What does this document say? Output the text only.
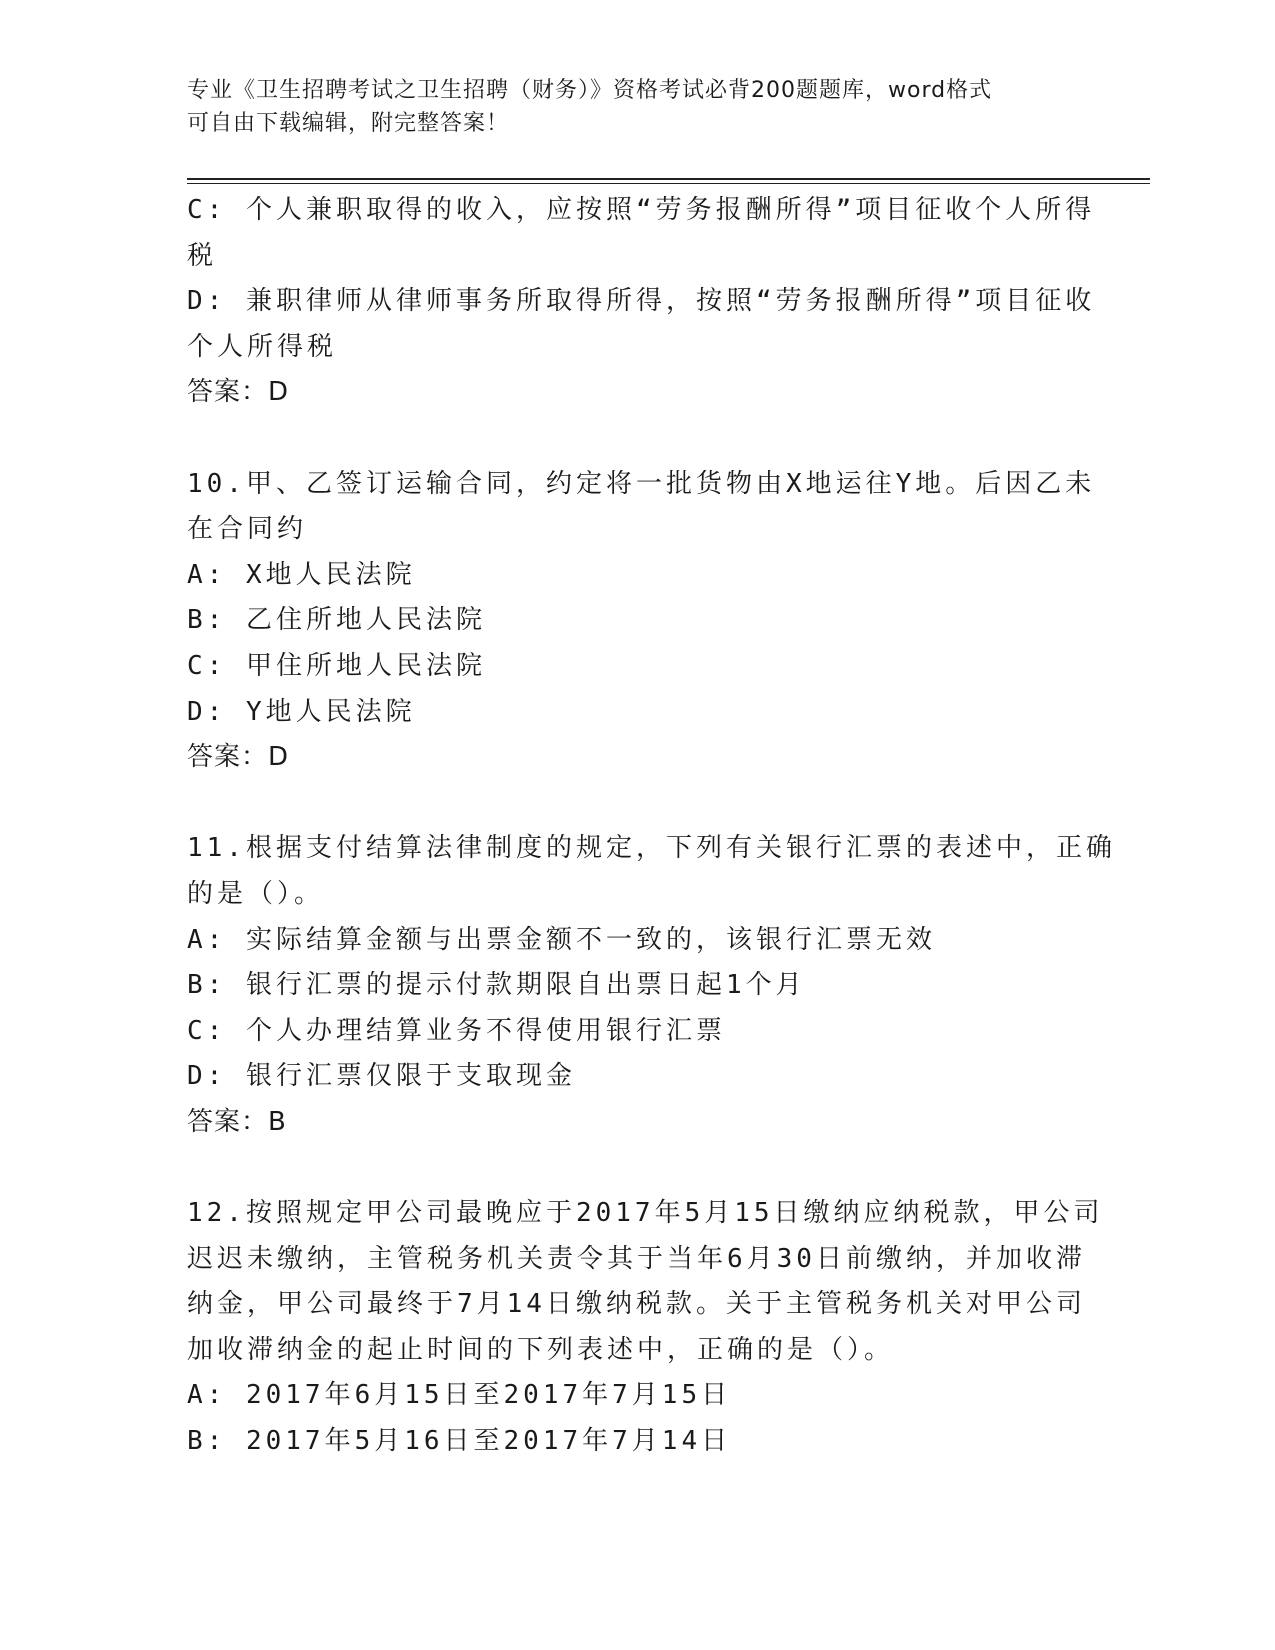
专业《卫生招聘考试之卫生招聘（财务）》资格考试必背200题题库，word格式
可自由下载编辑，附完整答案！
C: 个人兼职取得的收入，应按照“劳务报酬所得”项目征收个人所得
税
D: 兼职律师从律师事务所取得所得，按照“劳务报酬所得”项目征收
个人所得税
答案：D
10.甲、乙签订运输合同，约定将一批货物由X地运往Y地。后因乙未
在合同约
A: X地人民法院
B: 乙住所地人民法院
C: 甲住所地人民法院
D: Y地人民法院
答案：D
11.根据支付结算法律制度的规定，下列有关银行汇票的表述中，正确
的是（）。
A: 实际结算金额与出票金额不一致的，该银行汇票无效
B: 银行汇票的提示付款期限自出票日起1个月
C: 个人办理结算业务不得使用银行汇票
D: 银行汇票仅限于支取现金
答案：B
12.按照规定甲公司最晚应于2017年5月15日缴纳应纳税款，甲公司
迟迟未缴纳，主管税务机关责令其于当年6月30日前缴纳，并加收滞
纳金，甲公司最终于7月14日缴纳税款。关于主管税务机关对甲公司
加收滞纳金的起止时间的下列表述中，正确的是（）。
A: 2017年6月15日至2017年7月15日
B: 2017年5月16日至2017年7月14日
